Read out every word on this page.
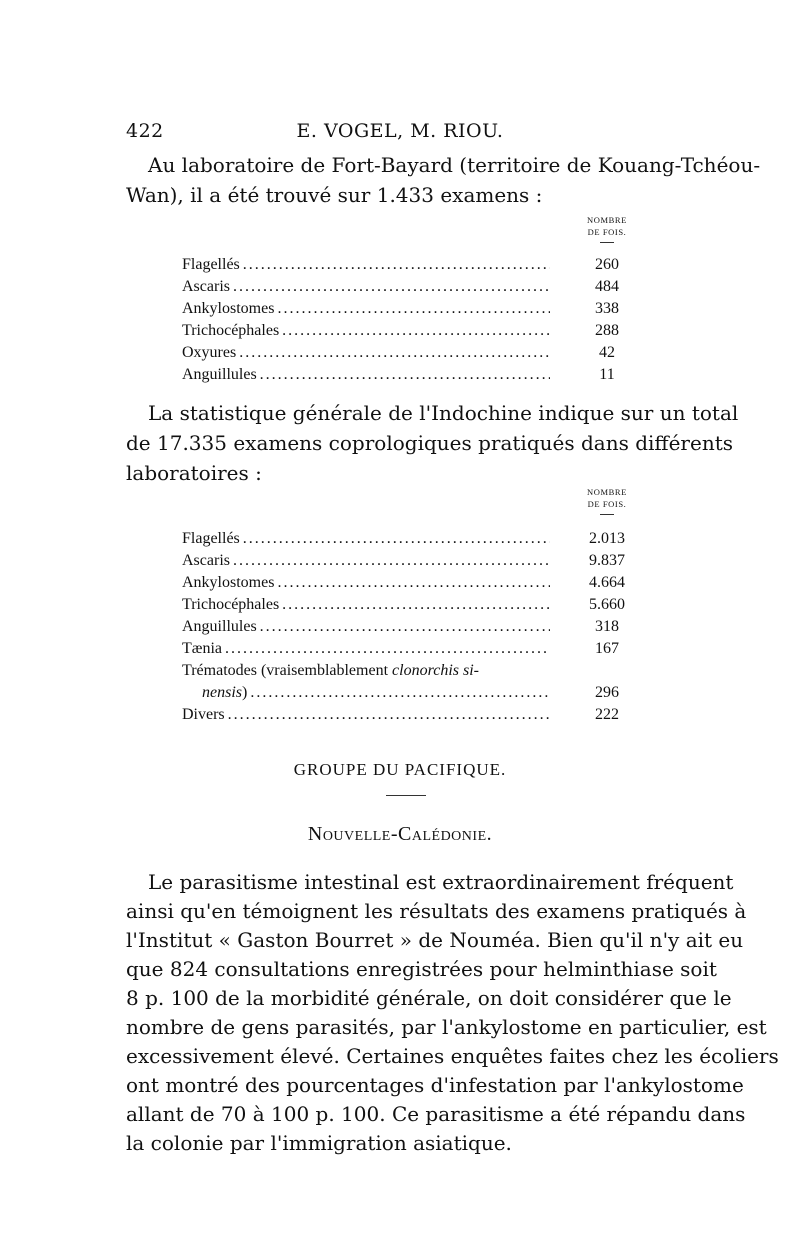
422	E. VOGEL, M. RIOU.

Au laboratoire de Fort-Bayard (territoire de Kouang-Tchéou-
Wan), il a été trouvé sur 1.433 examens :

NOMBRE
DE FOIS.
Flagellés . . .	260
Ascaris . . .	484
Ankylostomes . . .	338
Trichocéphales . . .	288
Oxyures . . .	42
Anguillules . . .	11

La statistique générale de l'Indochine indique sur un total
de 17.335 examens coprologiques pratiqués dans différents
laboratoires :

NOMBRE
DE FOIS.
Flagellés . . .	2.013
Ascaris . . .	9.837
Ankylostomes . . .	4.664
Trichocéphales . . .	5.660
Anguillules . . .	318
Tænia . . .	167
Trématodes (vraisemblablement clonorchis si-
nensis) . . .	296
Divers . . .	222
GROUPE DU PACIFIQUE.
Nouvelle-Calédonie.

Le parasitisme intestinal est extraordinairement fréquent
ainsi qu'en témoignent les résultats des examens pratiqués à
l'Institut « Gaston Bourret » de Nouméa. Bien qu'il n'y ait eu
que 824 consultations enregistrées pour helminthiase soit
8 p. 100 de la morbidité générale, on doit considérer que le
nombre de gens parasités, par l'ankylostome en particulier, est
excessivement élevé. Certaines enquêtes faites chez les écoliers
ont montré des pourcentages d'infestation par l'ankylostome
allant de 70 à 100 p. 100. Ce parasitisme a été répandu dans
la colonie par l'immigration asiatique.
